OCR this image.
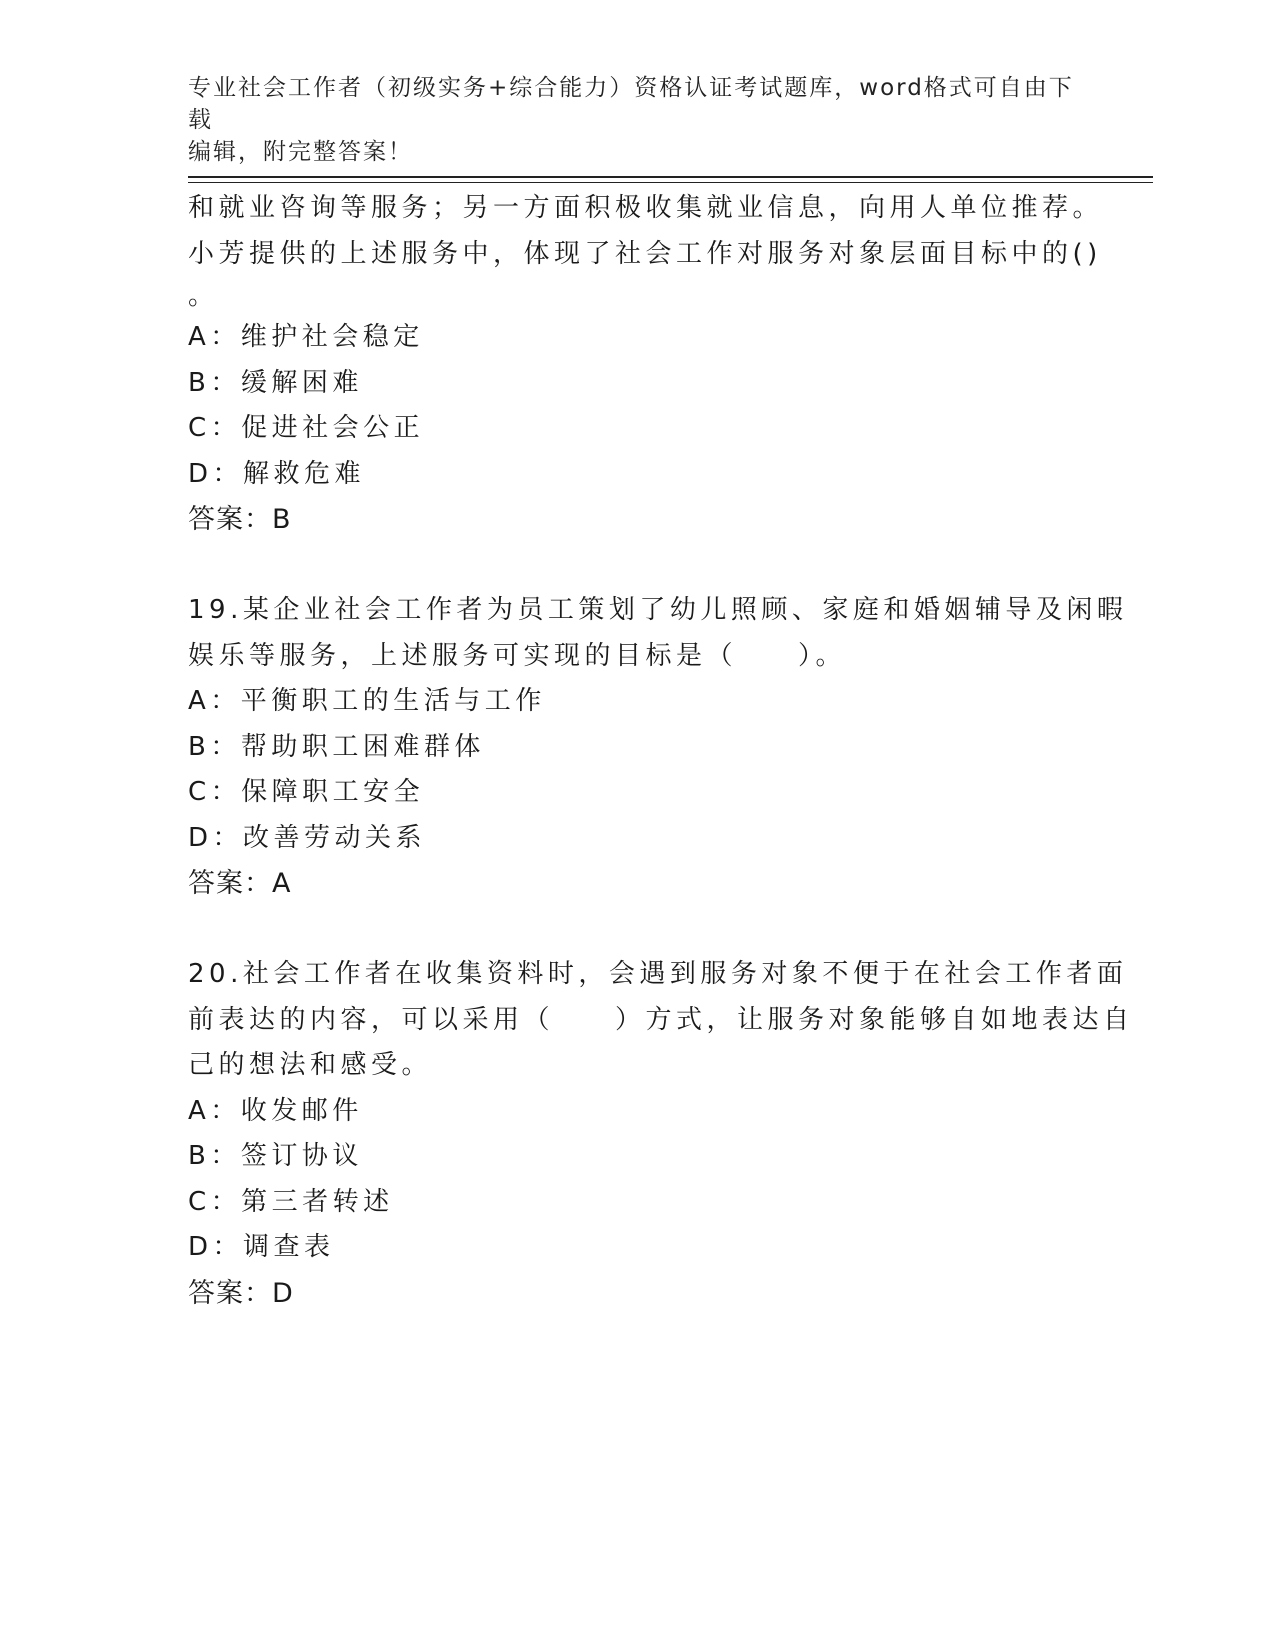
专业社会工作者（初级实务+综合能力）资格认证考试题库，word格式可自由下载
编辑，附完整答案！
和就业咨询等服务；另一方面积极收集就业信息，向用人单位推荐。
小芳提供的上述服务中，体现了社会工作对服务对象层面目标中的()
。
A：维护社会稳定
B：缓解困难
C：促进社会公正
D：解救危难
答案：B
19.某企业社会工作者为员工策划了幼儿照顾、家庭和婚姻辅导及闲暇
娱乐等服务，上述服务可实现的目标是（　　）。
A：平衡职工的生活与工作
B：帮助职工困难群体
C：保障职工安全
D：改善劳动关系
答案：A
20.社会工作者在收集资料时，会遇到服务对象不便于在社会工作者面
前表达的内容，可以采用（　　）方式，让服务对象能够自如地表达自
己的想法和感受。
A：收发邮件
B：签订协议
C：第三者转述
D：调查表
答案：D
